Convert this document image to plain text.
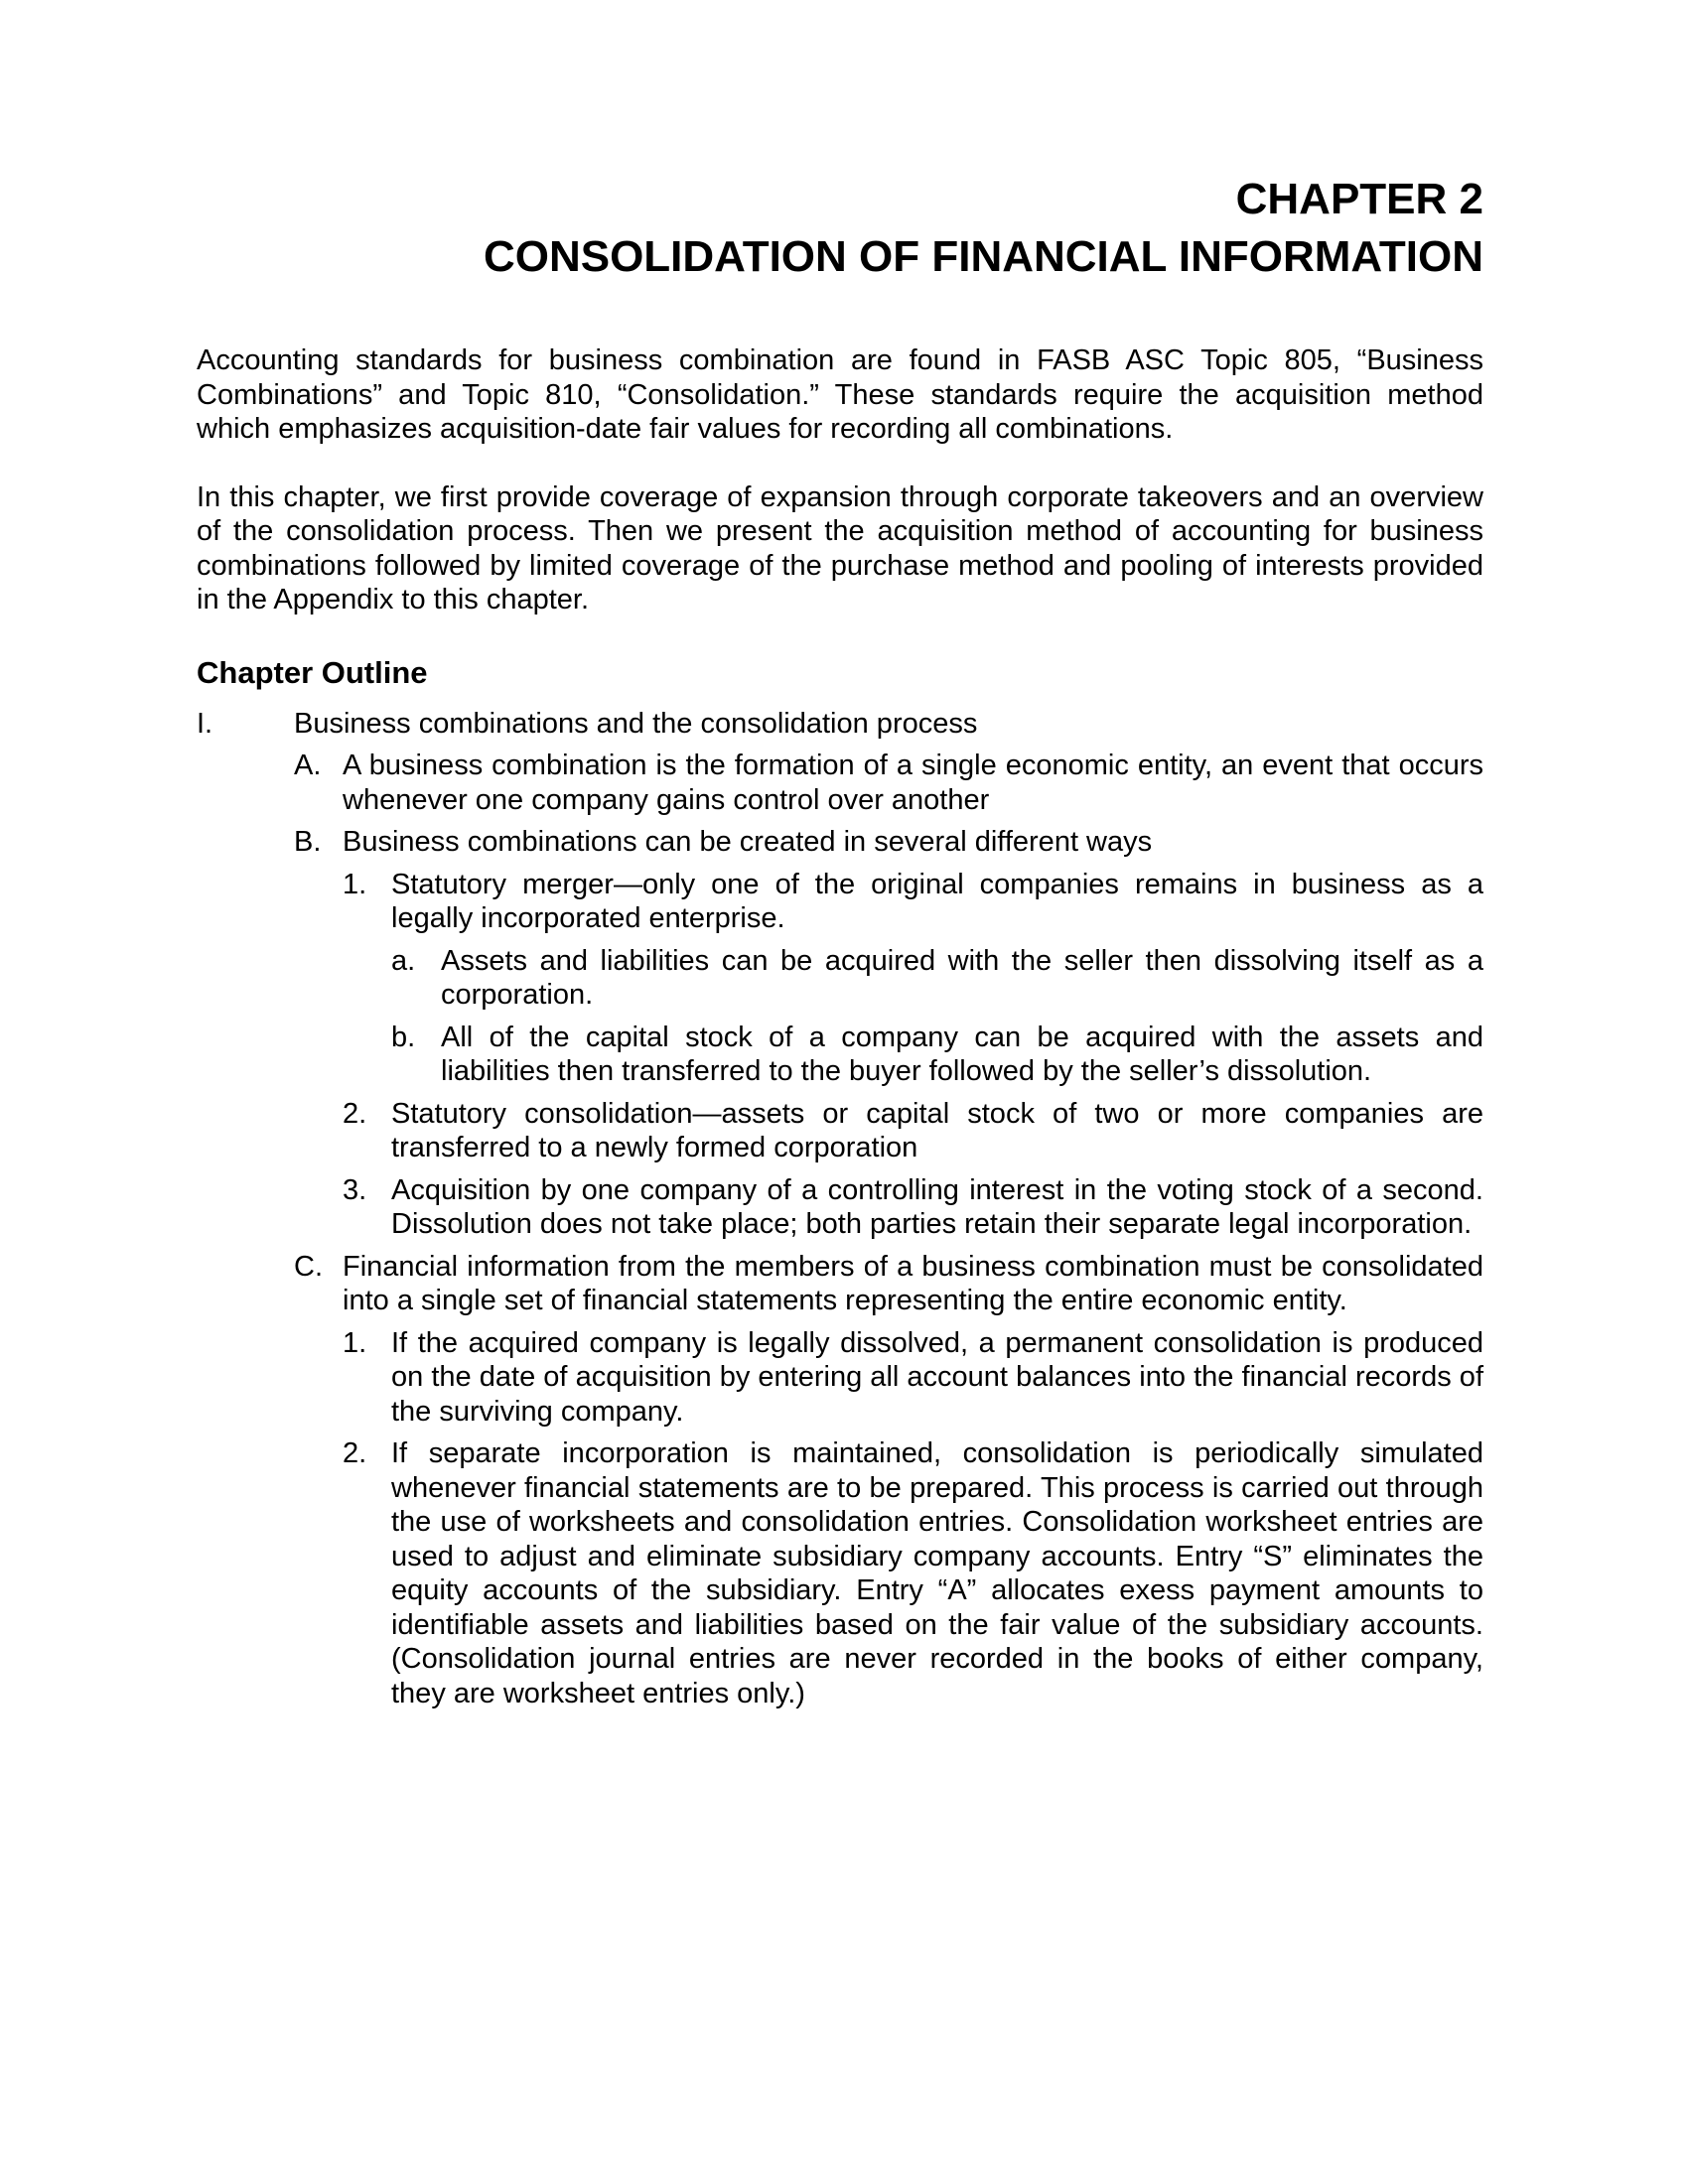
CHAPTER 2
CONSOLIDATION OF FINANCIAL INFORMATION

Accounting standards for business combination are found in FASB ASC Topic 805, “Business Combinations” and Topic 810, “Consolidation.” These standards require the acquisition method which emphasizes acquisition-date fair values for recording all combinations.

In this chapter, we first provide coverage of expansion through corporate takeovers and an overview of the consolidation process. Then we present the acquisition method of accounting for business combinations followed by limited coverage of the purchase method and pooling of interests provided in the Appendix to this chapter.

Chapter Outline
I.	Business combinations and the consolidation process
A. A business combination is the formation of a single economic entity, an event that occurs whenever one company gains control over another
B. Business combinations can be created in several different ways
1. Statutory merger—only one of the original companies remains in business as a legally incorporated enterprise.
a. Assets and liabilities can be acquired with the seller then dissolving itself as a corporation.
b. All of the capital stock of a company can be acquired with the assets and liabilities then transferred to the buyer followed by the seller’s dissolution.
2. Statutory consolidation—assets or capital stock of two or more companies are transferred to a newly formed corporation
3. Acquisition by one company of a controlling interest in the voting stock of a second. Dissolution does not take place; both parties retain their separate legal incorporation.
C. Financial information from the members of a business combination must be consolidated into a single set of financial statements representing the entire economic entity.
1. If the acquired company is legally dissolved, a permanent consolidation is produced on the date of acquisition by entering all account balances into the financial records of the surviving company.
2. If separate incorporation is maintained, consolidation is periodically simulated whenever financial statements are to be prepared. This process is carried out through the use of worksheets and consolidation entries. Consolidation worksheet entries are used to adjust and eliminate subsidiary company accounts. Entry “S” eliminates the equity accounts of the subsidiary. Entry “A” allocates exess payment amounts to identifiable assets and liabilities based on the fair value of the subsidiary accounts. (Consolidation journal entries are never recorded in the books of either company, they are worksheet entries only.)
